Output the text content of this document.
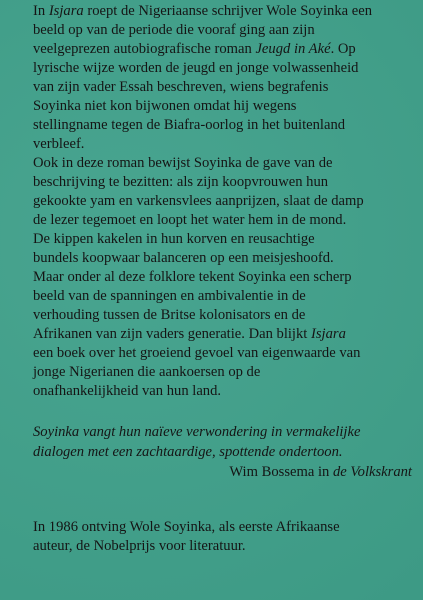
In Isjara roept de Nigeriaanse schrijver Wole Soyinka een
beeld op van de periode die vooraf ging aan zijn
veelgeprezen autobiografische roman Jeugd in Aké. Op
lyrische wijze worden de jeugd en jonge volwassenheid
van zijn vader Essah beschreven, wiens begrafenis
Soyinka niet kon bijwonen omdat hij wegens
stellingname tegen de Biafra-oorlog in het buitenland
verbleef.
Ook in deze roman bewijst Soyinka de gave van de
beschrijving te bezitten: als zijn koopvrouwen hun
gekookte yam en varkensvlees aanprijzen, slaat de damp
de lezer tegemoet en loopt het water hem in de mond.
De kippen kakelen in hun korven en reusachtige
bundels koopwaar balanceren op een meisjeshoofd.
Maar onder al deze folklore tekent Soyinka een scherp
beeld van de spanningen en ambivalentie in de
verhouding tussen de Britse kolonisators en de
Afrikanen van zijn vaders generatie. Dan blijkt Isjara
een boek over het groeiend gevoel van eigenwaarde van
jonge Nigerianen die aankoersen op de
onafhankelijkheid van hun land.
Soyinka vangt hun naïeve verwondering in vermakelijke
dialogen met een zachtaardige, spottende ondertoon.
Wim Bossema in de Volkskrant
In 1986 ontving Wole Soyinka, als eerste Afrikaanse
auteur, de Nobelprijs voor literatuur.
